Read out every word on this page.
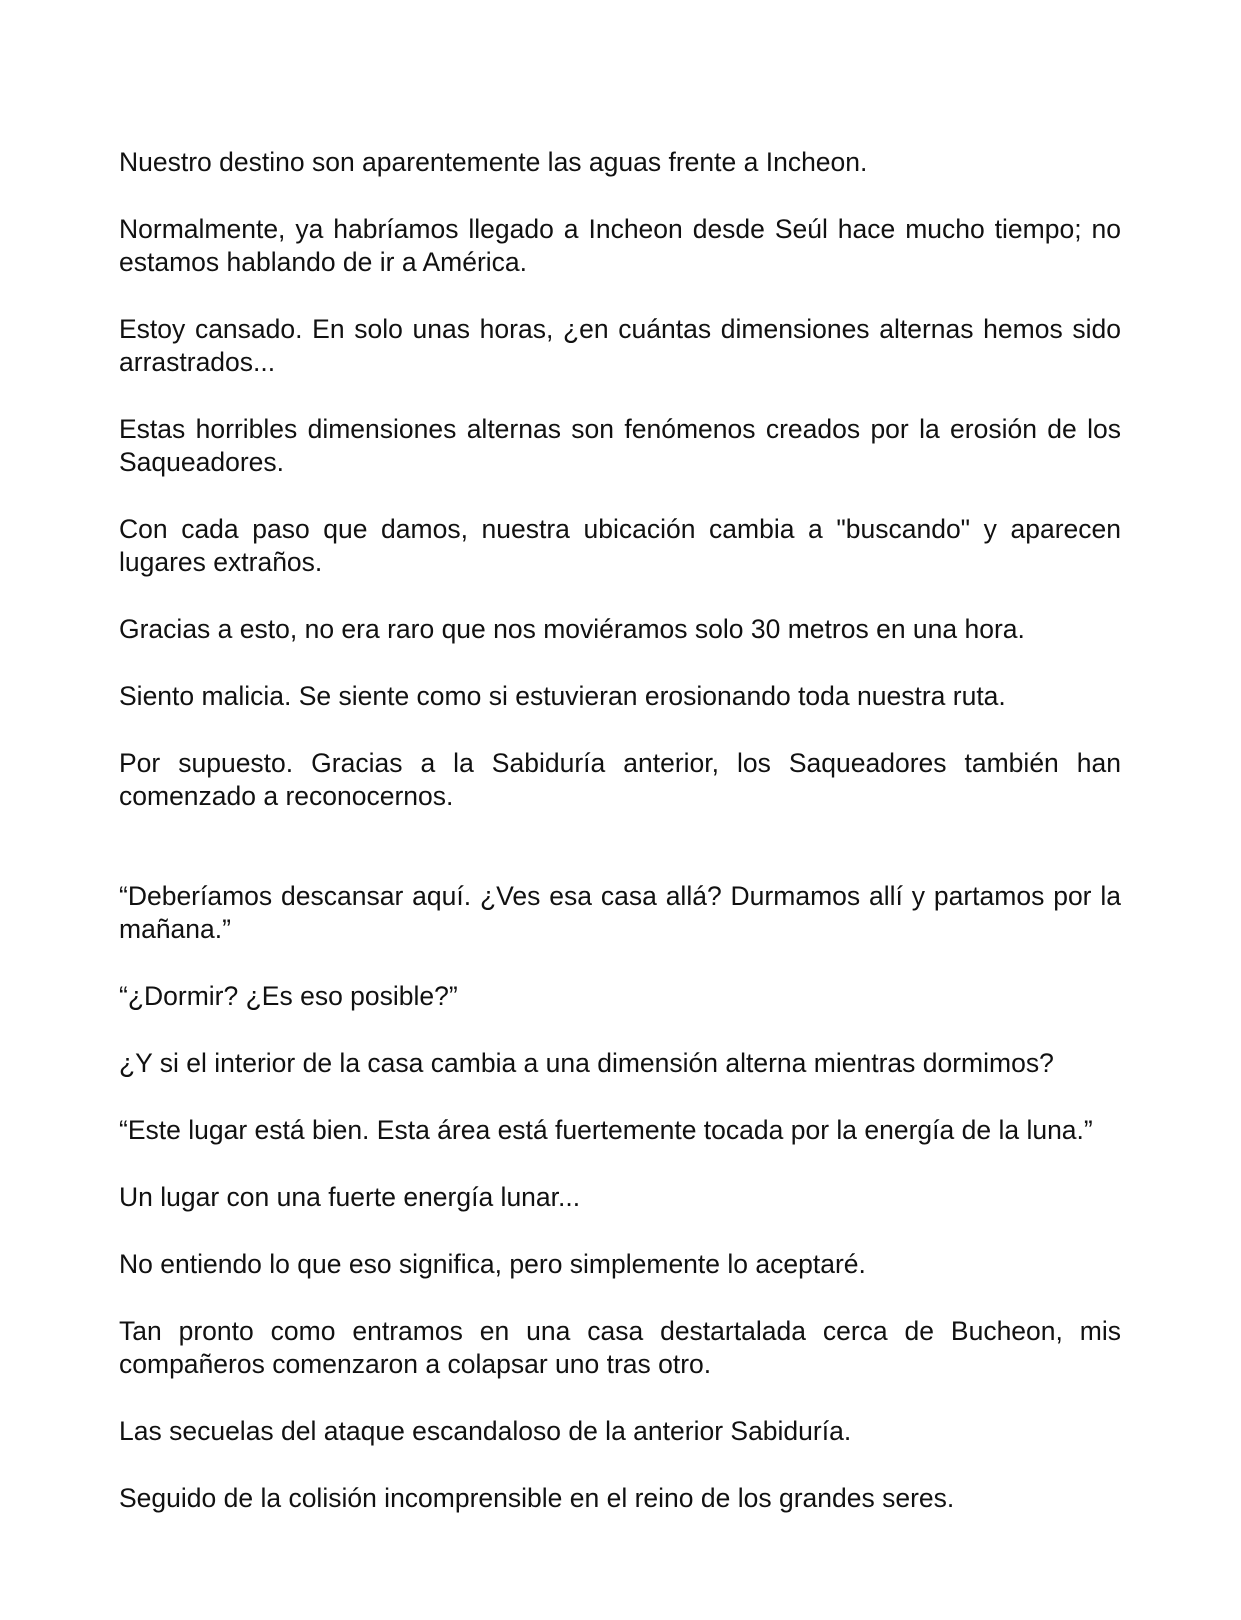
Nuestro destino son aparentemente las aguas frente a Incheon.

Normalmente, ya habríamos llegado a Incheon desde Seúl hace mucho tiempo; no estamos hablando de ir a América.

Estoy cansado. En solo unas horas, ¿en cuántas dimensiones alternas hemos sido arrastrados...

Estas horribles dimensiones alternas son fenómenos creados por la erosión de los Saqueadores.

Con cada paso que damos, nuestra ubicación cambia a "buscando" y aparecen lugares extraños.

Gracias a esto, no era raro que nos moviéramos solo 30 metros en una hora.

Siento malicia. Se siente como si estuvieran erosionando toda nuestra ruta.

Por supuesto. Gracias a la Sabiduría anterior, los Saqueadores también han comenzado a reconocernos.

“Deberíamos descansar aquí. ¿Ves esa casa allá? Durmamos allí y partamos por la mañana.”

“¿Dormir? ¿Es eso posible?”

¿Y si el interior de la casa cambia a una dimensión alterna mientras dormimos?

“Este lugar está bien. Esta área está fuertemente tocada por la energía de la luna.”

Un lugar con una fuerte energía lunar...

No entiendo lo que eso significa, pero simplemente lo aceptaré.

Tan pronto como entramos en una casa destartalada cerca de Bucheon, mis compañeros comenzaron a colapsar uno tras otro.

Las secuelas del ataque escandaloso de la anterior Sabiduría.

Seguido de la colisión incomprensible en el reino de los grandes seres.
